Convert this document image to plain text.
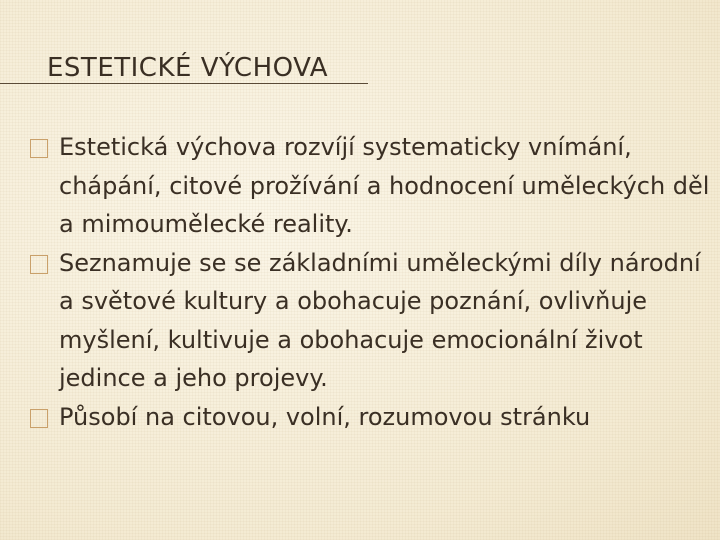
ESTETICKÉ VÝCHOVA
Estetická výchova rozvíjí systematicky vnímání, chápání, citové prožívání a hodnocení uměleckých děl a mimoumělecké reality.
Seznamuje se se základními uměleckými díly národní a světové kultury a obohacuje poznání, ovlivňuje myšlení, kultivuje a obohacuje emocionální život jedince a jeho projevy.
Působí na citovou, volní, rozumovou stránku
